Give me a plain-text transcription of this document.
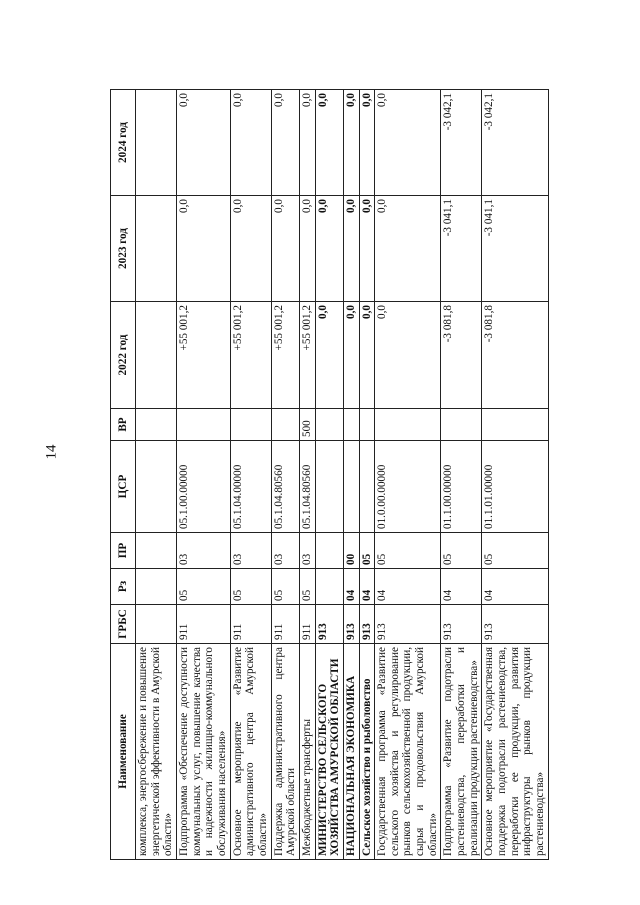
14
Наименование	ГРБС	Рз	ПР	ЦСР	ВР	2022 год	2023 год	2024 год
комплекса, энергосбережение и повышение энергетической эффективности в Амурской области»								
Подпрограмма «Обеспечение доступности коммунальных услуг, повышение качества и надежности жилищно-коммунального обслуживания населения»	911	05	03	05.1.00.00000		+55 001,2	0,0	0,0
Основное мероприятие «Развитие административного центра Амурской области»	911	05	03	05.1.04.00000		+55 001,2	0,0	0,0
Поддержка административного центра Амурской области	911	05	03	05.1.04.80560		+55 001,2	0,0	0,0
Межбюджетные трансферты	911	05	03	05.1.04.80560	500	+55 001,2	0,0	0,0
МИНИСТЕРСТВО СЕЛЬСКОГО ХОЗЯЙСТВА АМУРСКОЙ ОБЛАСТИ	913					0,0	0,0	0,0
НАЦИОНАЛЬНАЯ ЭКОНОМИКА	913	04	00			0,0	0,0	0,0
Сельское хозяйство и рыболовство	913	04	05			0,0	0,0	0,0
Государственная программа «Развитие сельского хозяйства и регулирование рынков сельскохозяйственной продукции, сырья и продовольствия Амурской области»	913	04	05	01.0.00.00000		0,0	0,0	0,0
Подпрограмма «Развитие подотрасли растениеводства, переработки и реализации продукции растениеводства»	913	04	05	01.1.00.00000		-3 081,8	-3 041,1	-3 042,1
Основное мероприятие «Государственная поддержка подотрасли растениеводства, переработки ее продукции, развития инфраструктуры рынков продукции растениеводства»	913	04	05	01.1.01.00000		-3 081,8	-3 041,1	-3 042,1
